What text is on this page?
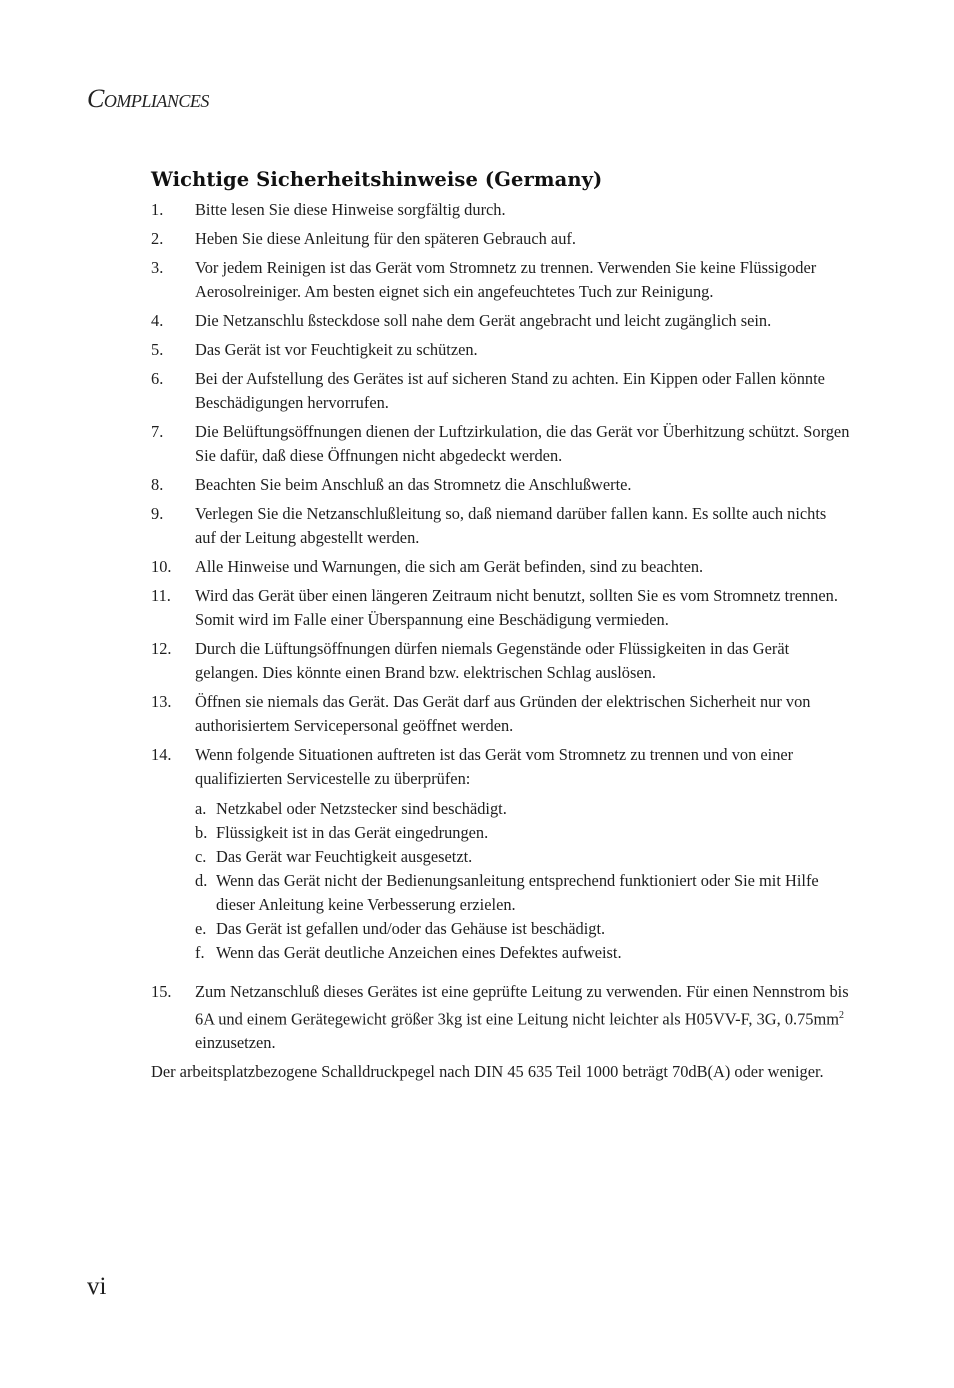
Compliances
Wichtige Sicherheitshinweise (Germany)
1.	Bitte lesen Sie diese Hinweise sorgfältig durch.
2.	Heben Sie diese Anleitung für den späteren Gebrauch auf.
3.	Vor jedem Reinigen ist das Gerät vom Stromnetz zu trennen. Verwenden Sie keine Flüssigoder Aerosolreiniger. Am besten eignet sich ein angefeuchtetes Tuch zur Reinigung.
4.	Die Netzanschlu ßsteckdose soll nahe dem Gerät angebracht und leicht zugänglich sein.
5.	Das Gerät ist vor Feuchtigkeit zu schützen.
6.	Bei der Aufstellung des Gerätes ist auf sicheren Stand zu achten. Ein Kippen oder Fallen könnte Beschädigungen hervorrufen.
7.	Die Belüftungsöffnungen dienen der Luftzirkulation, die das Gerät vor Überhitzung schützt. Sorgen Sie dafür, daß diese Öffnungen nicht abgedeckt werden.
8.	Beachten Sie beim Anschluß an das Stromnetz die Anschlußwerte.
9.	Verlegen Sie die Netzanschlußleitung so, daß niemand darüber fallen kann. Es sollte auch nichts auf der Leitung abgestellt werden.
10.	Alle Hinweise und Warnungen, die sich am Gerät befinden, sind zu beachten.
11.	Wird das Gerät über einen längeren Zeitraum nicht benutzt, sollten Sie es vom Stromnetz trennen. Somit wird im Falle einer Überspannung eine Beschädigung vermieden.
12.	Durch die Lüftungsöffnungen dürfen niemals Gegenstände oder Flüssigkeiten in das Gerät gelangen. Dies könnte einen Brand bzw. elektrischen Schlag auslösen.
13.	Öffnen sie niemals das Gerät. Das Gerät darf aus Gründen der elektrischen Sicherheit nur von authorisiertem Servicepersonal geöffnet werden.
14.	Wenn folgende Situationen auftreten ist das Gerät vom Stromnetz zu trennen und von einer qualifizierten Servicestelle zu überprüfen:
a. Netzkabel oder Netzstecker sind beschädigt.
b. Flüssigkeit ist in das Gerät eingedrungen.
c. Das Gerät war Feuchtigkeit ausgesetzt.
d. Wenn das Gerät nicht der Bedienungsanleitung entsprechend funktioniert oder Sie mit Hilfe dieser Anleitung keine Verbesserung erzielen.
e. Das Gerät ist gefallen und/oder das Gehäuse ist beschädigt.
f. Wenn das Gerät deutliche Anzeichen eines Defektes aufweist.
15.	Zum Netzanschluß dieses Gerätes ist eine geprüfte Leitung zu verwenden. Für einen Nennstrom bis 6A und einem Gerätegewicht größer 3kg ist eine Leitung nicht leichter als H05VV-F, 3G, $0.75mm^2$ einzusetzen.

Der arbeitsplatzbezogene Schalldruckpegel nach DIN 45 635 Teil 1000 beträgt 70dB(A) oder weniger.

vi
